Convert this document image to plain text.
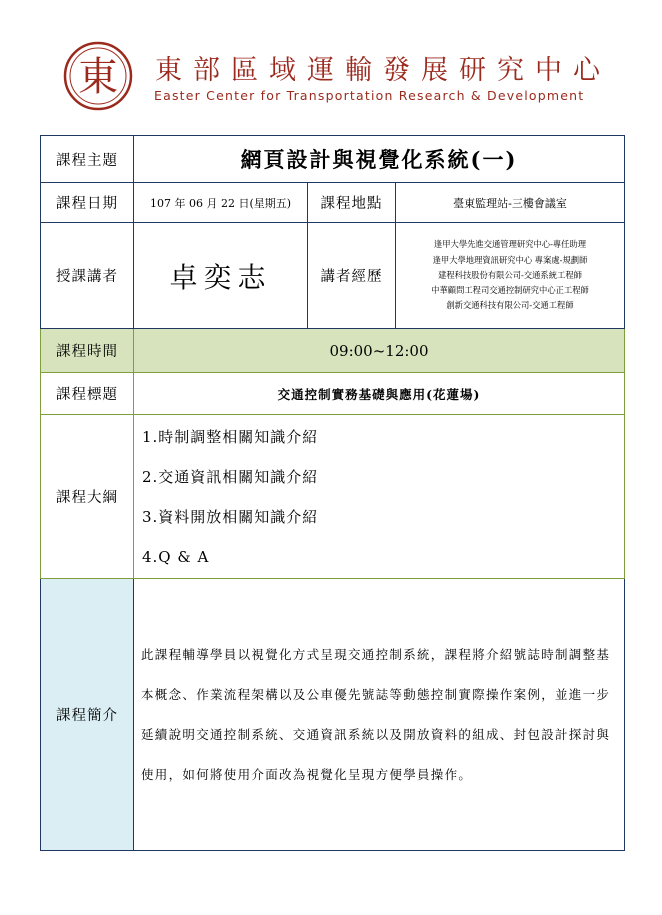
東 東部區域運輸發展研究中心
Easter Center for Transportation Research & Development
課程主題	網頁設計與視覺化系統(一)		
課程日期	107 年 06 月 22 日(星期五)	課程地點	臺東監理站-三樓會議室
授課講者	卓奕志	講者經歷	逢甲大學先進交通管理研究中心-專任助理
逢甲大學地理資訊研究中心 專案處-規劃師
建程科技股份有限公司-交通系統工程師
中華顧問工程司交通控制研究中心正工程師
創新交通科技有限公司-交通工程師

課程時間	09:00~12:00		
課程標題	交通控制實務基礎與應用(花蓮場)		
課程大綱	1.時制調整相關知識介紹
2.交通資訊相關知識介紹
3.資料開放相關知識介紹
4.Q & A		

課程簡介	此課程輔導學員以視覺化方式呈現交通控制系統，課程將介紹號誌時制調整基本概念、作業流程架構以及公車優先號誌等動態控制實際操作案例，並進一步延續說明交通控制系統、交通資訊系統以及開放資料的組成、封包設計探討與使用，如何將使用介面改為視覺化呈現方便學員操作。		
